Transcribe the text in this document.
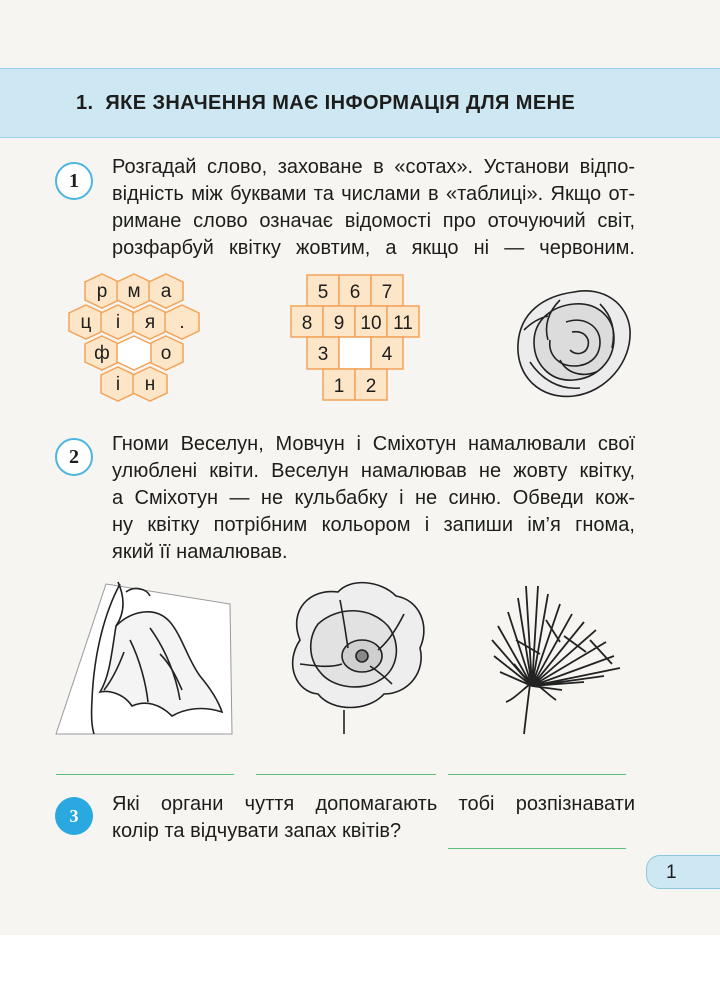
1. ЯКЕ ЗНАЧЕННЯ МАЄ ІНФОРМАЦІЯ ДЛЯ МЕНЕ
1
Розгадай слово, заховане в «сотах». Установи відпо-
відність між буквами та числами в «таблиці». Якщо от-
римане слово означає відомості про оточуючий світ,
розфарбуй квітку жовтим, а якщо ні — червоним.
р м а
ц і я .
ф	о
і н
5 6 7
8 9 10 11
3	4
1 2
2
Гноми Веселун, Мовчун і Сміхотун намалювали свої
улюблені квіти. Веселун намалював не жовту квітку,
а Сміхотун — не кульбабку і не синю. Обведи кож-
ну квітку потрібним кольором і запиши ім’я гнома,
який її намалював.
3
Які органи чуття допомагають тобі розпізнавати
колір та відчувати запах квітів?
1
